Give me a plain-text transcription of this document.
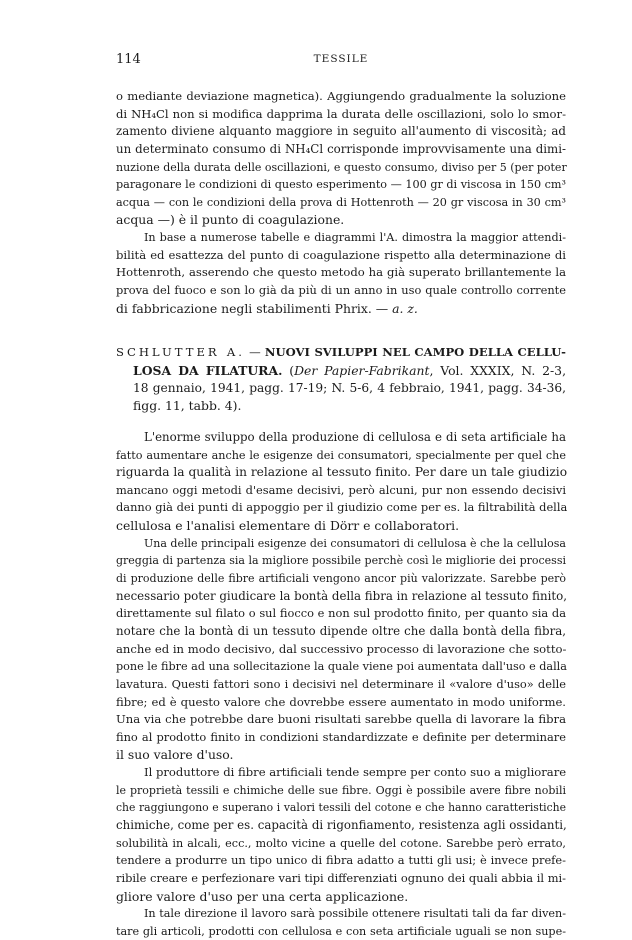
114	TESSILE
o mediante deviazione magnetica). Aggiungendo gradualmente la soluzione
di NH₄Cl non si modifica dapprima la durata delle oscillazioni, solo lo smor-
zamento diviene alquanto maggiore in seguito all'aumento di viscosità; ad
un determinato consumo di NH₄Cl corrisponde improvvisamente una dimi-
nuzione della durata delle oscillazioni, e questo consumo, diviso per 5 (per poter
paragonare le condizioni di questo esperimento — 100 gr di viscosa in 150 cm³
acqua — con le condizioni della prova di Hottenroth — 20 gr viscosa in 30 cm³
acqua —) è il punto di coagulazione.
In base a numerose tabelle e diagrammi l'A. dimostra la maggior attendi-
bilità ed esattezza del punto di coagulazione rispetto alla determinazione di
Hottenroth, asserendo che questo metodo ha già superato brillantemente la
prova del fuoco e son lo già da più di un anno in uso quale controllo corrente
di fabbricazione negli stabilimenti Phrix. — a. z.
SCHLUTTER A. — NUOVI SVILUPPI NEL CAMPO DELLA CELLU-
LOSA DA FILATURA. (Der Papier-Fabrikant, Vol. XXXIX, N. 2-3,
18 gennaio, 1941, pagg. 17-19; N. 5-6, 4 febbraio, 1941, pagg. 34-36,
figg. 11, tabb. 4).
L'enorme sviluppo della produzione di cellulosa e di seta artificiale ha
fatto aumentare anche le esigenze dei consumatori, specialmente per quel che
riguarda la qualità in relazione al tessuto finito. Per dare un tale giudizio
mancano oggi metodi d'esame decisivi, però alcuni, pur non essendo decisivi
danno già dei punti di appoggio per il giudizio come per es. la filtrabilità della
cellulosa e l'analisi elementare di Dörr e collaboratori.
Una delle principali esigenze dei consumatori di cellulosa è che la cellulosa
greggia di partenza sia la migliore possibile perchè così le migliorie dei processi
di produzione delle fibre artificiali vengono ancor più valorizzate. Sarebbe però
necessario poter giudicare la bontà della fibra in relazione al tessuto finito,
direttamente sul filato o sul fiocco e non sul prodotto finito, per quanto sia da
notare che la bontà di un tessuto dipende oltre che dalla bontà della fibra,
anche ed in modo decisivo, dal successivo processo di lavorazione che sotto-
pone le fibre ad una sollecitazione la quale viene poi aumentata dall'uso e dalla
lavatura. Questi fattori sono i decisivi nel determinare il «valore d'uso» delle
fibre; ed è questo valore che dovrebbe essere aumentato in modo uniforme.
Una via che potrebbe dare buoni risultati sarebbe quella di lavorare la fibra
fino al prodotto finito in condizioni standardizzate e definite per determinare
il suo valore d'uso.
Il produttore di fibre artificiali tende sempre per conto suo a migliorare
le proprietà tessili e chimiche delle sue fibre. Oggi è possibile avere fibre nobili
che raggiungono e superano i valori tessili del cotone e che hanno caratteristiche
chimiche, come per es. capacità di rigonfiamento, resistenza agli ossidanti,
solubilità in alcali, ecc., molto vicine a quelle del cotone. Sarebbe però errato,
tendere a produrre un tipo unico di fibra adatto a tutti gli usi; è invece prefe-
ribile creare e perfezionare vari tipi differenziati ognuno dei quali abbia il mi-
gliore valore d'uso per una certa applicazione.
In tale direzione il lavoro sarà possibile ottenere risultati tali da far diven-
tare gli articoli, prodotti con cellulosa e con seta artificiale uguali se non supe-
